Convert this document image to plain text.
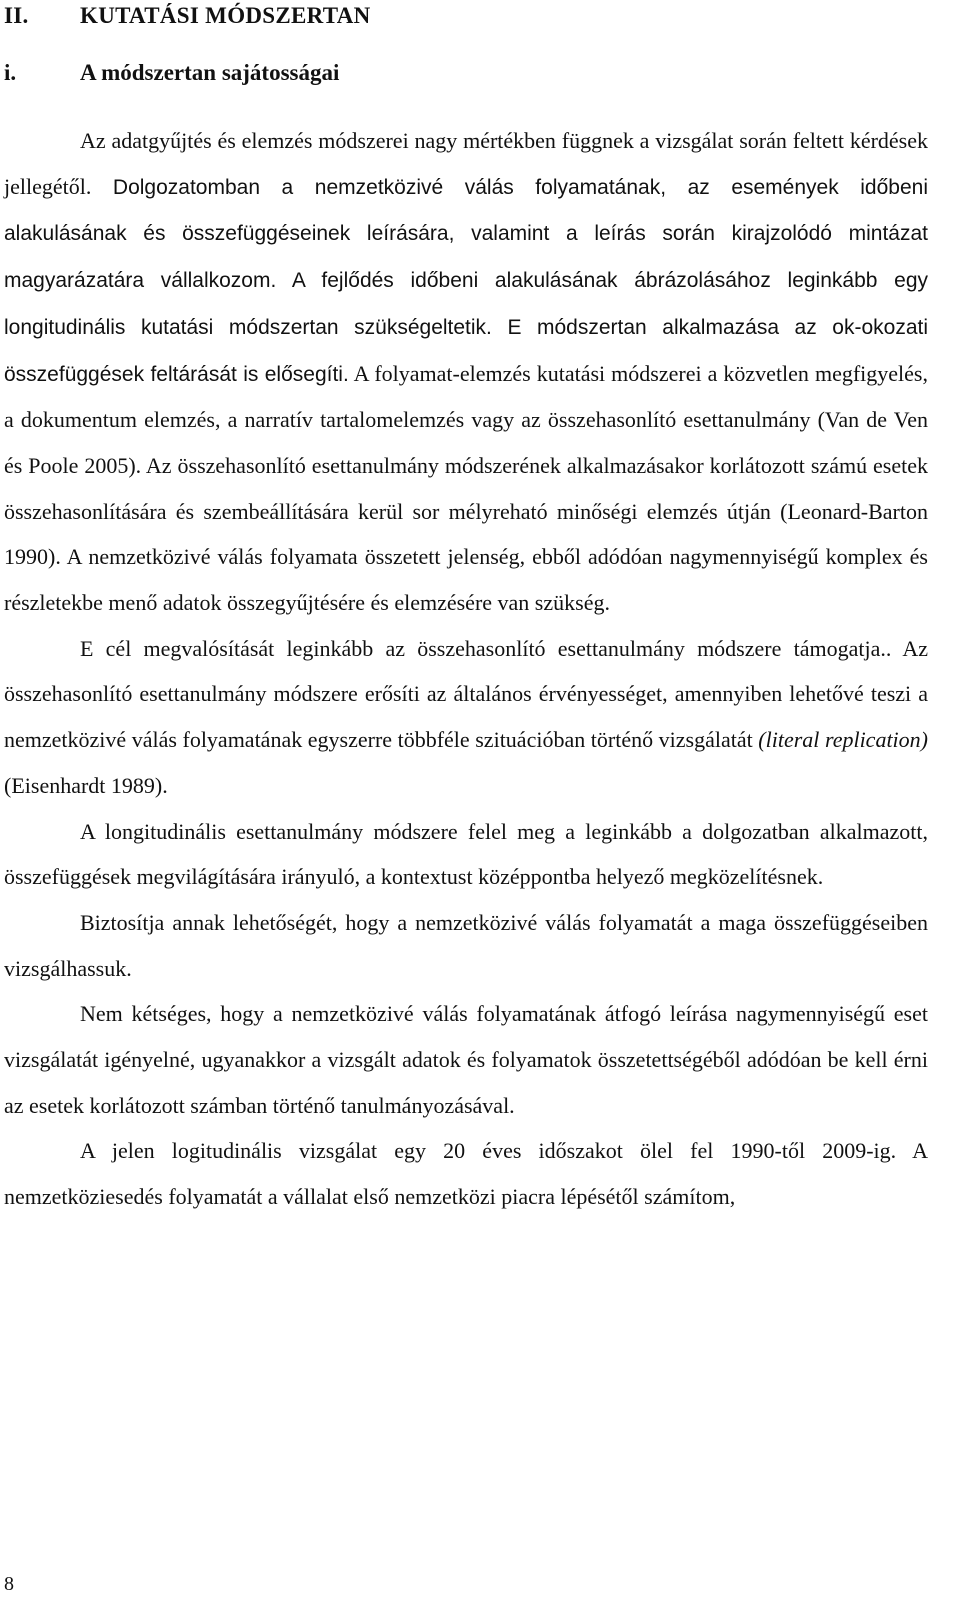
II. KUTATÁSI MÓDSZERTAN
i.	A módszertan sajátosságai

Az adatgyűjtés és elemzés módszerei nagy mértékben függnek a vizsgálat során feltett kérdések jellegétől. Dolgozatomban a nemzetközivé válás folyamatának, az események időbeni alakulásának és összefüggéseinek leírására, valamint a leírás során kirajzolódó mintázat magyarázatára vállalkozom. A fejlődés időbeni alakulásának ábrázolásához leginkább egy longitudinális kutatási módszertan szükségeltetik. E módszertan alkalmazása az ok-okozati összefüggések feltárását is elősegíti. A folyamat-elemzés kutatási módszerei a közvetlen megfigyelés, a dokumentum elemzés, a narratív tartalomelemzés vagy az összehasonlító esettanulmány (Van de Ven és Poole 2005). Az összehasonlító esettanulmány módszerének alkalmazásakor korlátozott számú esetek összehasonlítására és szembeállítására kerül sor mélyreható minőségi elemzés útján (Leonard-Barton 1990). A nemzetközivé válás folyamata összetett jelenség, ebből adódóan nagymennyiségű komplex és részletekbe menő adatok összegyűjtésére és elemzésére van szükség.

E cél megvalósítását leginkább az összehasonlító esettanulmány módszere támogatja.. Az összehasonlító esettanulmány módszere erősíti az általános érvényességet, amennyiben lehetővé teszi a nemzetközivé válás folyamatának egyszerre többféle szituációban történő vizsgálatát (literal replication) (Eisenhardt 1989).

A longitudinális esettanulmány módszere felel meg a leginkább a dolgozatban alkalmazott, összefüggések megvilágítására irányuló, a kontextust középpontba helyező megközelítésnek.

Biztosítja annak lehetőségét, hogy a nemzetközivé válás folyamatát a maga összefüggéseiben vizsgálhassuk.

Nem kétséges, hogy a nemzetközivé válás folyamatának átfogó leírása nagymennyiségű eset vizsgálatát igényelné, ugyanakkor a vizsgált adatok és folyamatok összetettségéből adódóan be kell érni az esetek korlátozott számban történő tanulmányozásával.

A jelen logitudinális vizsgálat egy 20 éves időszakot ölel fel 1990-től 2009-ig. A nemzetköziesedés folyamatát a vállalat első nemzetközi piacra lépésétől számítom,

8
